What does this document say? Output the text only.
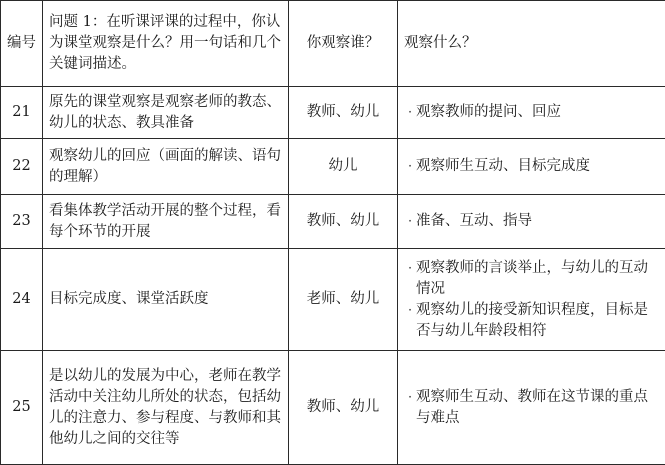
编号	问题 1：在听课评课的过程中，你认为课堂观察是什么？用一句话和几个关键词描述。	你观察谁？	观察什么？
21	原先的课堂观察是观察老师的教态、幼儿的状态、教具准备	教师、幼儿	· 观察教师的提问、回应

22	观察幼儿的回应（画面的解读、语句的理解）	幼儿	· 观察师生互动、目标完成度

23	看集体教学活动开展的整个过程，看每个环节的开展	教师、幼儿	· 准备、互动、指导

24	目标完成度、课堂活跃度	老师、幼儿	· 观察教师的言谈举止，与幼儿的互动情况
· 观察幼儿的接受新知识程度，目标是否与幼儿年龄段相符

25	是以幼儿的发展为中心，老师在教学活动中关注幼儿所处的状态，包括幼儿的注意力、参与程度、与教师和其他幼儿之间的交往等	教师、幼儿	· 观察师生互动、教师在这节课的重点与难点
